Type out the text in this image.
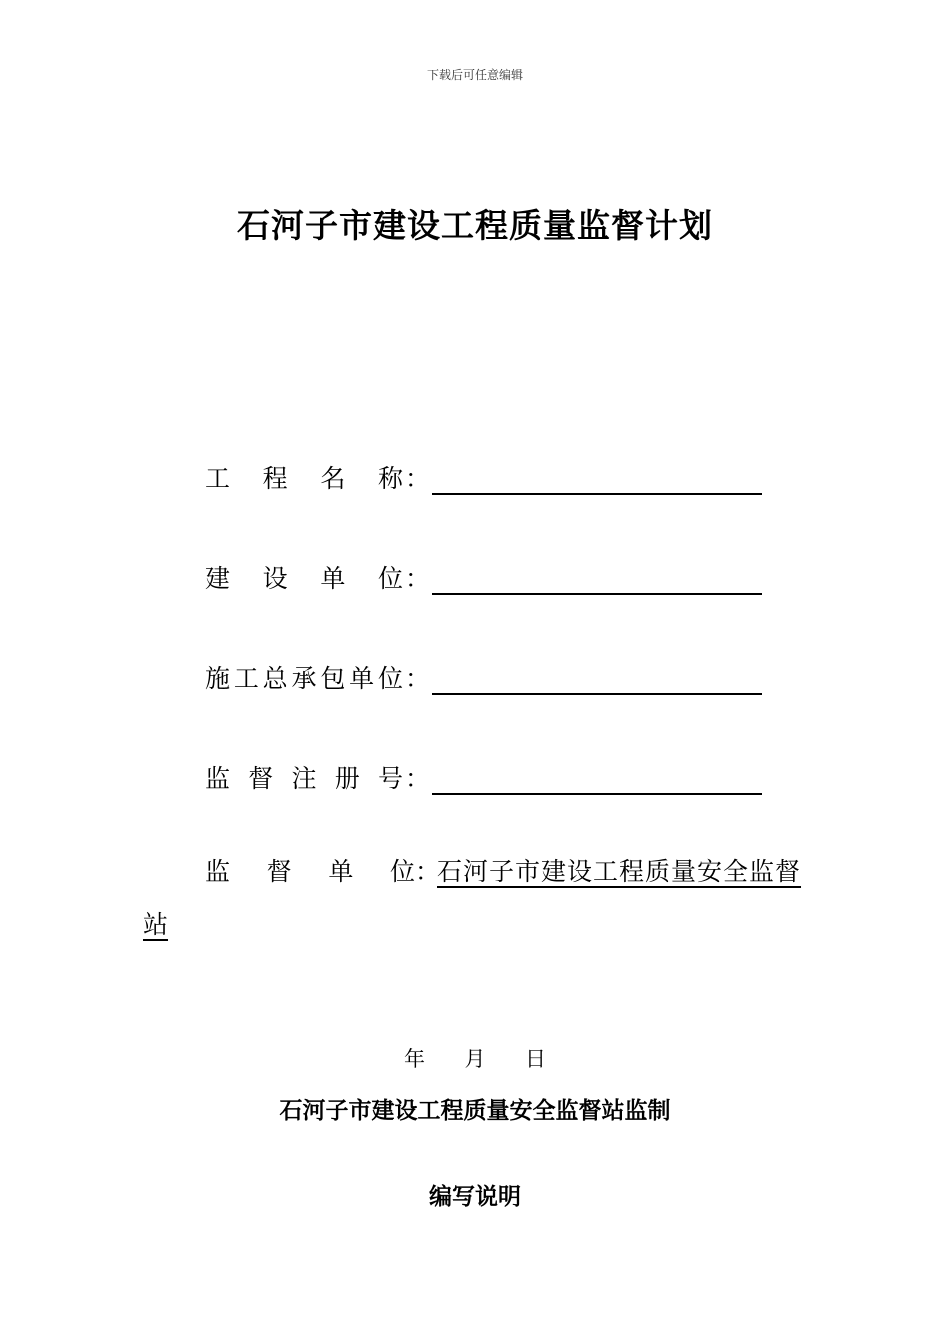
下载后可任意编辑
石河子市建设工程质量监督计划
工 程 名 称 ：
建 设 单 位 ：
施 工 总 承 包 单 位 ：
监 督 注 册 号 ：
监 督 单 位 ：
石河子市建设工程质量安全监督
站
年 月 日
石河子市建设工程质量安全监督站监制
编写说明
